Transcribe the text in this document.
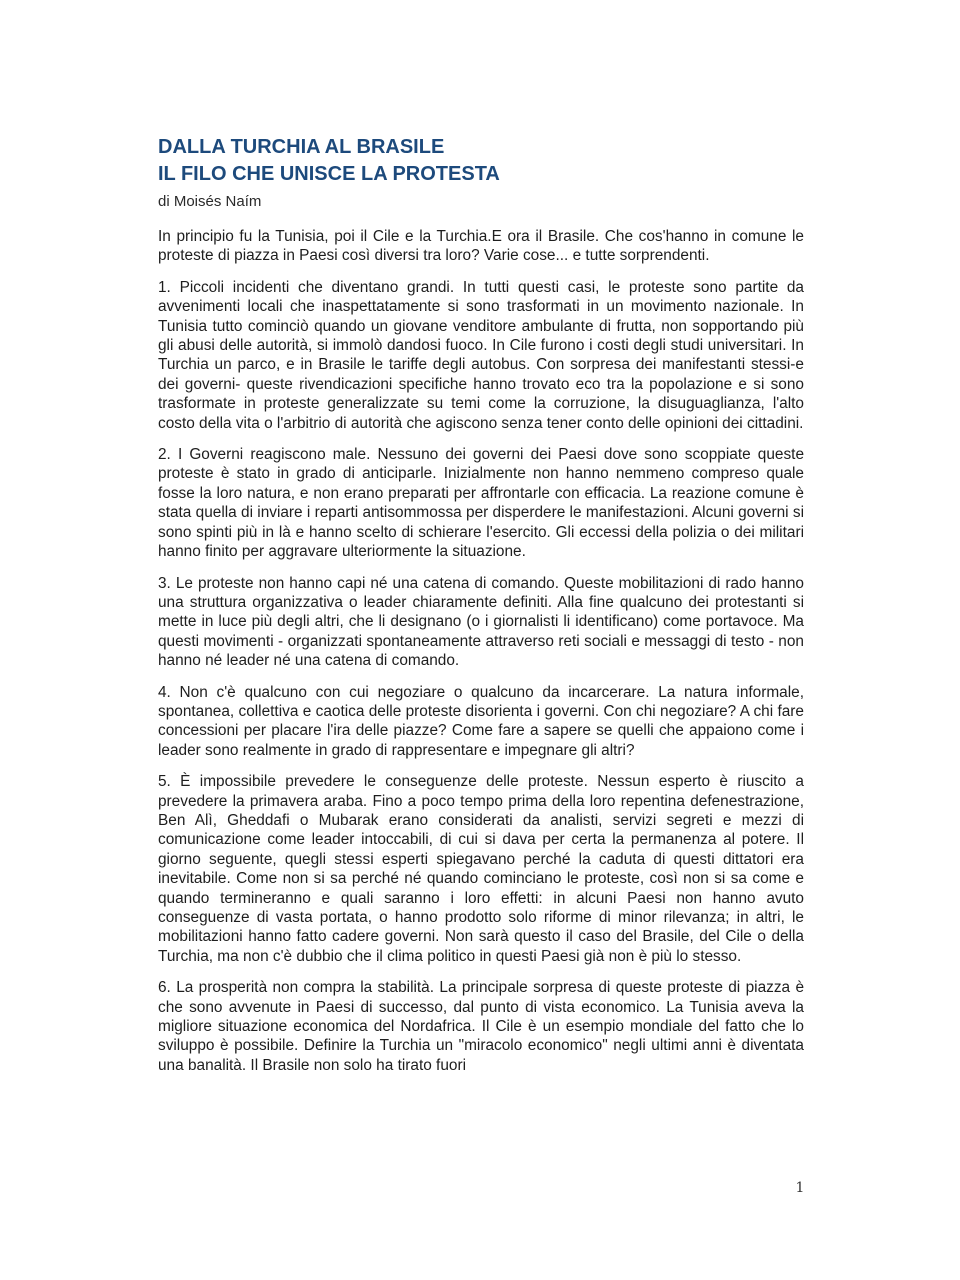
DALLA TURCHIA AL BRASILE
IL FILO CHE UNISCE LA PROTESTA

di Moisés Naím

In principio fu la Tunisia, poi il Cile e la Turchia.E ora il Brasile. Che cos'hanno in comune le proteste di piazza in Paesi così diversi tra loro? Varie cose... e tutte sorprendenti.

1. Piccoli incidenti che diventano grandi. In tutti questi casi, le proteste sono partite da avvenimenti locali che inaspettatamente si sono trasformati in un movimento nazionale. In Tunisia tutto cominciò quando un giovane venditore ambulante di frutta, non sopportando più gli abusi delle autorità, si immolò dandosi fuoco. In Cile furono i costi degli studi universitari. In Turchia un parco, e in Brasile le tariffe degli autobus. Con sorpresa dei manifestanti stessi-e dei governi- queste rivendicazioni specifiche hanno trovato eco tra la popolazione e si sono trasformate in proteste generalizzate su temi come la corruzione, la disuguaglianza, l'alto costo della vita o l'arbitrio di autorità che agiscono senza tener conto delle opinioni dei cittadini.

2. I Governi reagiscono male. Nessuno dei governi dei Paesi dove sono scoppiate queste proteste è stato in grado di anticiparle. Inizialmente non hanno nemmeno compreso quale fosse la loro natura, e non erano preparati per affrontarle con efficacia. La reazione comune è stata quella di inviare i reparti antisommossa per disperdere le manifestazioni. Alcuni governi si sono spinti più in là e hanno scelto di schierare l'esercito. Gli eccessi della polizia o dei militari hanno finito per aggravare ulteriormente la situazione.

3. Le proteste non hanno capi né una catena di comando. Queste mobilitazioni di rado hanno una struttura organizzativa o leader chiaramente definiti. Alla fine qualcuno dei protestanti si mette in luce più degli altri, che li designano (o i giornalisti li identificano) come portavoce. Ma questi movimenti - organizzati spontaneamente attraverso reti sociali e messaggi di testo - non hanno né leader né una catena di comando.

4. Non c'è qualcuno con cui negoziare o qualcuno da incarcerare. La natura informale, spontanea, collettiva e caotica delle proteste disorienta i governi. Con chi negoziare? A chi fare concessioni per placare l'ira delle piazze? Come fare a sapere se quelli che appaiono come i leader sono realmente in grado di rappresentare e impegnare gli altri?

5. È impossibile prevedere le conseguenze delle proteste. Nessun esperto è riuscito a prevedere la primavera araba. Fino a poco tempo prima della loro repentina defenestrazione, Ben Alì, Gheddafi o Mubarak erano considerati da analisti, servizi segreti e mezzi di comunicazione come leader intoccabili, di cui si dava per certa la permanenza al potere. Il giorno seguente, quegli stessi esperti spiegavano perché la caduta di questi dittatori era inevitabile. Come non si sa perché né quando cominciano le proteste, così non si sa come e quando termineranno e quali saranno i loro effetti: in alcuni Paesi non hanno avuto conseguenze di vasta portata, o hanno prodotto solo riforme di minor rilevanza; in altri, le mobilitazioni hanno fatto cadere governi. Non sarà questo il caso del Brasile, del Cile o della Turchia, ma non c'è dubbio che il clima politico in questi Paesi già non è più lo stesso.

6. La prosperità non compra la stabilità. La principale sorpresa di queste proteste di piazza è che sono avvenute in Paesi di successo, dal punto di vista economico. La Tunisia aveva la migliore situazione economica del Nordafrica. Il Cile è un esempio mondiale del fatto che lo sviluppo è possibile. Definire la Turchia un "miracolo economico" negli ultimi anni è diventata una banalità. Il Brasile non solo ha tirato fuori

1
